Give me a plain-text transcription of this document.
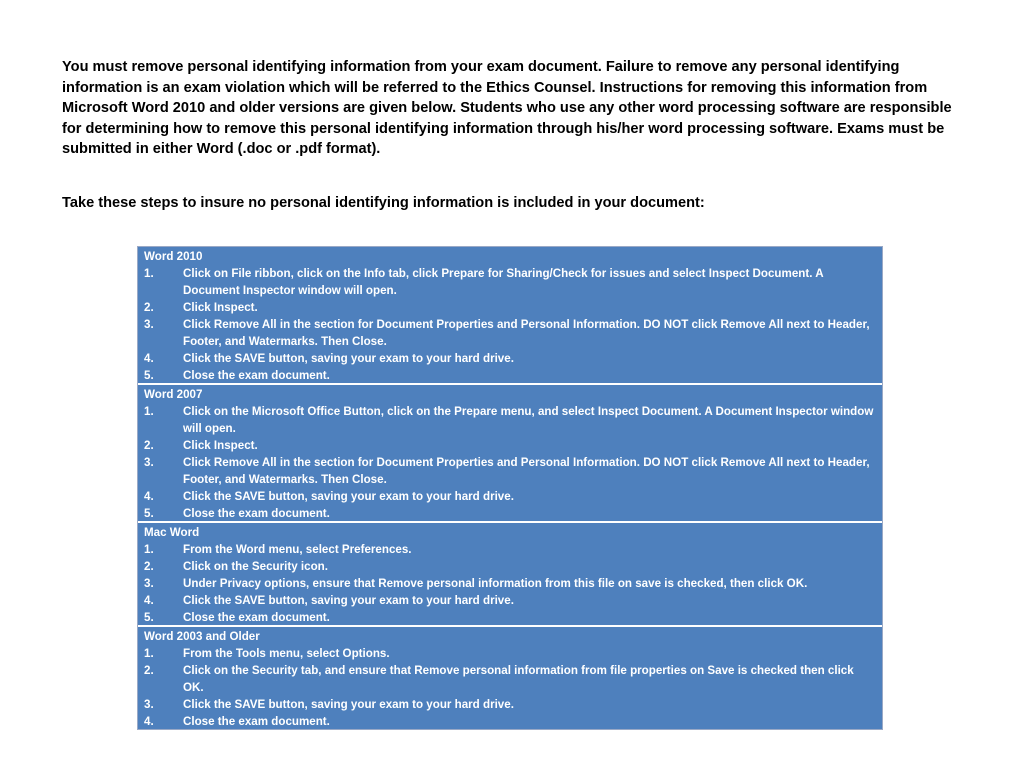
You must remove personal identifying information from your exam document. Failure to remove any personal identifying information is an exam violation which will be referred to the Ethics Counsel. Instructions for removing this information from Microsoft Word 2010 and older versions are given below. Students who use any other word processing software are responsible for determining how to remove this personal identifying information through his/her word processing software. Exams must be submitted in either Word (.doc or .pdf format).

Take these steps to insure no personal identifying information is included in your document:

Word 2010
1.	Click on File ribbon, click on the Info tab, click Prepare for Sharing/Check for issues and select Inspect Document. A Document Inspector window will open.
2.	Click Inspect.
3.	Click Remove All in the section for Document Properties and Personal Information. DO NOT click Remove All next to Header, Footer, and Watermarks. Then Close.
4.	Click the SAVE button, saving your exam to your hard drive.
5.	Close the exam document.
Word 2007
1.	Click on the Microsoft Office Button, click on the Prepare menu, and select Inspect Document. A Document Inspector window will open.
2.	Click Inspect.
3.	Click Remove All in the section for Document Properties and Personal Information. DO NOT click Remove All next to Header, Footer, and Watermarks. Then Close.
4.	Click the SAVE button, saving your exam to your hard drive.
5.	Close the exam document.
Mac Word
1.	From the Word menu, select Preferences.
2.	Click on the Security icon.
3.	Under Privacy options, ensure that Remove personal information from this file on save is checked, then click OK.
4.	Click the SAVE button, saving your exam to your hard drive.
5.	Close the exam document.
Word 2003 and Older
1.	From the Tools menu, select Options.
2.	Click on the Security tab, and ensure that Remove personal information from file properties on Save is checked then click OK.
3.	Click the SAVE button, saving your exam to your hard drive.
4.	Close the exam document.
